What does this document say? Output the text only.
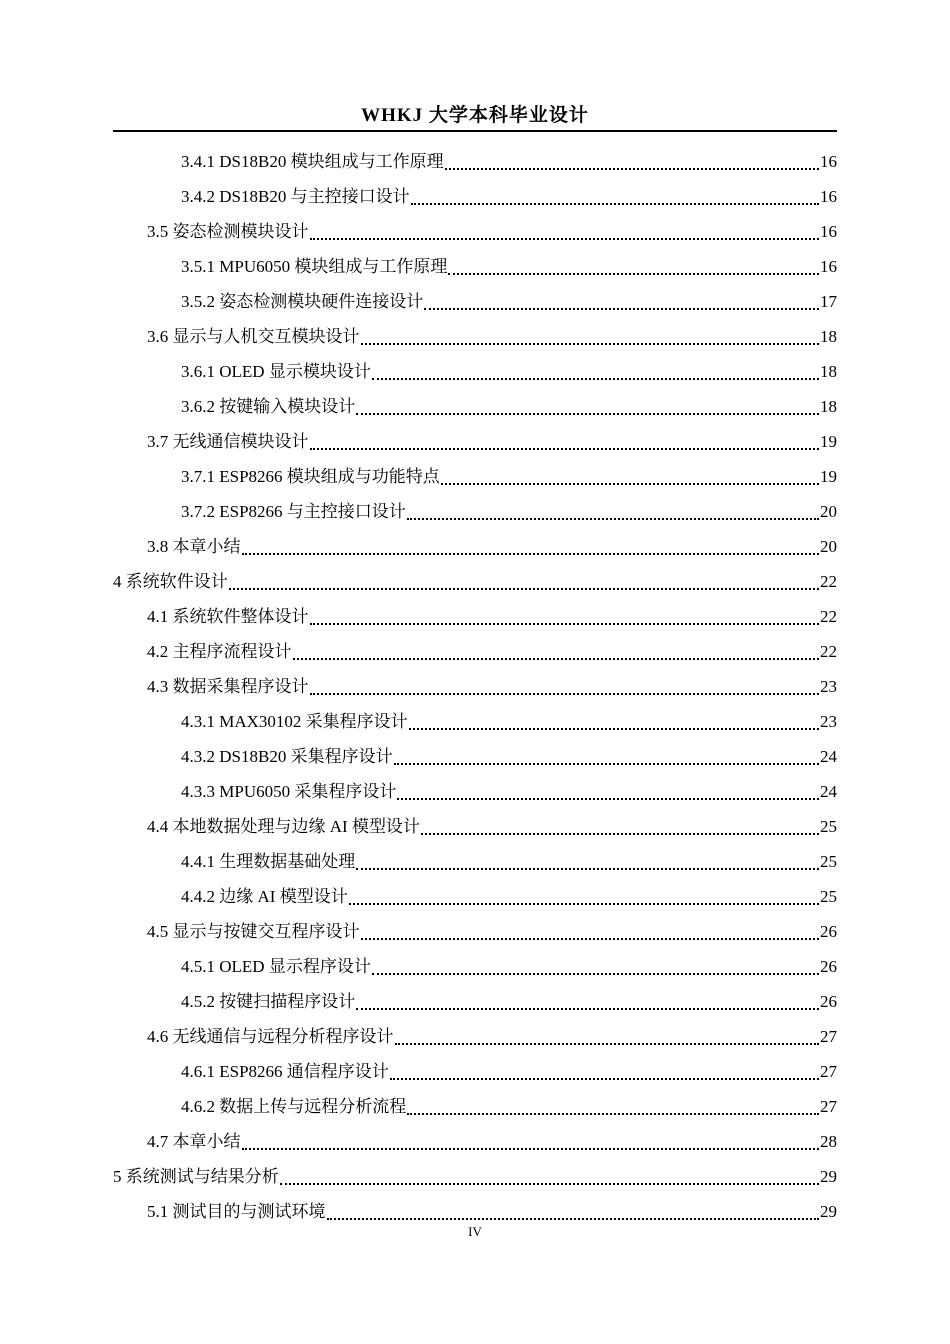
WHKJ 大学本科毕业设计
3.4.1 DS18B20 模块组成与工作原理	16
3.4.2 DS18B20 与主控接口设计	16
3.5 姿态检测模块设计	16
3.5.1 MPU6050 模块组成与工作原理	16
3.5.2 姿态检测模块硬件连接设计	17
3.6 显示与人机交互模块设计	18
3.6.1 OLED 显示模块设计	18
3.6.2 按键输入模块设计	18
3.7 无线通信模块设计	19
3.7.1 ESP8266 模块组成与功能特点	19
3.7.2 ESP8266 与主控接口设计	20
3.8 本章小结	20
4 系统软件设计	22
4.1 系统软件整体设计	22
4.2 主程序流程设计	22
4.3 数据采集程序设计	23
4.3.1 MAX30102 采集程序设计	23
4.3.2 DS18B20 采集程序设计	24
4.3.3 MPU6050 采集程序设计	24
4.4 本地数据处理与边缘 AI 模型设计	25
4.4.1 生理数据基础处理	25
4.4.2 边缘 AI 模型设计	25
4.5 显示与按键交互程序设计	26
4.5.1 OLED 显示程序设计	26
4.5.2 按键扫描程序设计	26
4.6 无线通信与远程分析程序设计	27
4.6.1 ESP8266 通信程序设计	27
4.6.2 数据上传与远程分析流程	27
4.7 本章小结	28
5 系统测试与结果分析	29
5.1 测试目的与测试环境	29
IV
